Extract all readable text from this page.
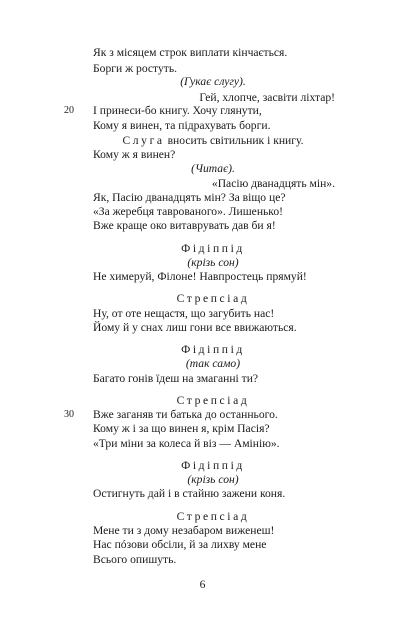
Як з місяцем строк виплати кінчається.
Борги ж ростуть.
(Гукає слугу).
Гей, хлопче, засвіти ліхтар!
20 І принеси-бо книгу. Хочу глянути,
Кому я винен, та підрахувать борги.
Слуга вносить світильник і книгу.
Кому ж я винен?
(Читає).
«Пасію дванадцять мін».
Як, Пасію дванадцять мін? За віщо це?
«За жеребця таврованого». Лишенько!
Вже краще око витаврувать дав би я!
Фідіппід
(крізь сон)
Не химеруй, Філоне! Навпростець прямуй!
Стрепсіад
Ну, от оте нещастя, що загубить нас!
Йому й у снах лиш гони все ввижаються.
Фідіппід
(так само)
Багато гонів їдеш на змаганні ти?
Стрепсіад
30 Вже заганяв ти батька до останнього.
Кому ж і за що винен я, крім Пасія?
«Три міни за колеса й віз — Амінію».
Фідіппід
(крізь сон)
Остигнуть дай і в стайню зажени коня.
Стрепсіад
Мене ти з дому незабаром виженеш!
Нас пóзови обсіли, й за лихву мене
Всього опишуть.
6
